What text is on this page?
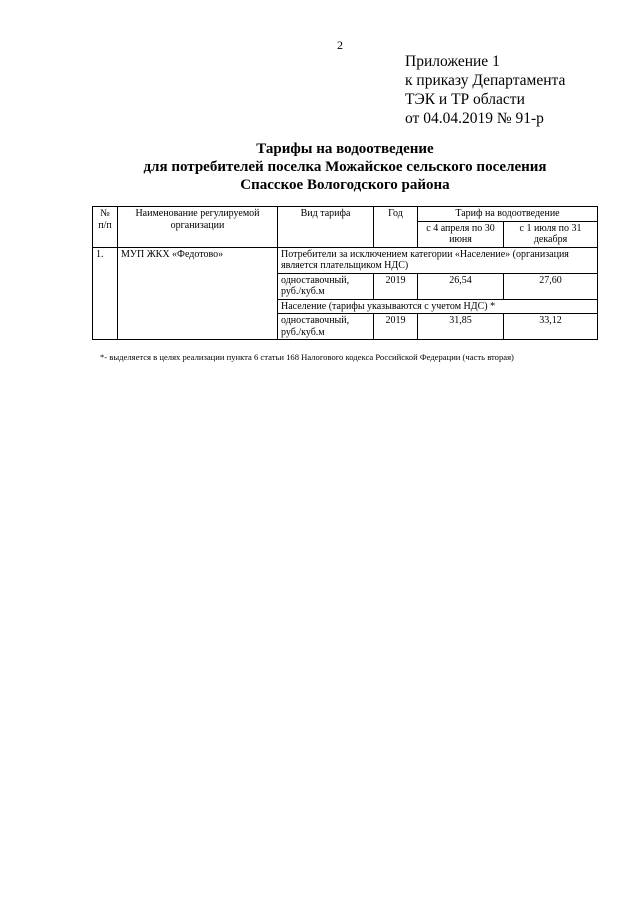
2
Приложение 1
к приказу Департамента
ТЭК и ТР области
от 04.04.2019 № 91-р
Тарифы на водоотведение
для потребителей поселка Можайское сельского поселения
Спасское Вологодского района
№ п/п	Наименование регулируемой организации	Вид тарифа	Год	Тариф на водоотведение	
				с 4 апреля по 30 июня	с 1 июля по 31 декабря
1.	МУП ЖКХ «Федотово»	Потребители за исключением категории «Население» (организация является плательщиком НДС)			
		одноставочный, руб./куб.м	2019	26,54	27,60
		Население (тарифы указываются с учетом НДС) *			
		одноставочный, руб./куб.м	2019	31,85	33,12
*- выделяется в целях реализации пункта 6 статьи 168 Налогового кодекса Российской Федерации (часть вторая)
